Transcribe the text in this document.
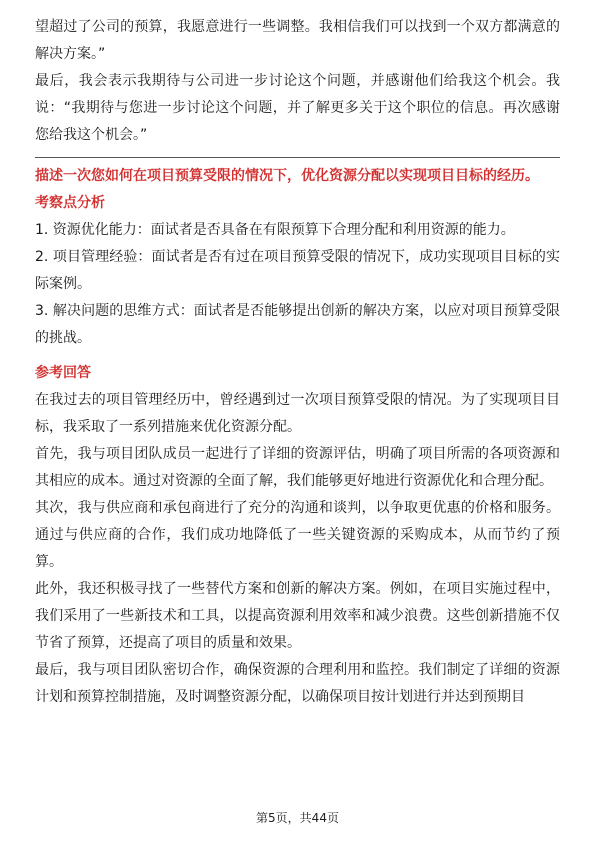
望超过了公司的预算，我愿意进行一些调整。我相信我们可以找到一个双方都满意的解决方案。”

最后，我会表示我期待与公司进一步讨论这个问题，并感谢他们给我这个机会。我说：“我期待与您进一步讨论这个问题，并了解更多关于这个职位的信息。再次感谢您给我这个机会。”

描述一次您如何在项目预算受限的情况下，优化资源分配以实现项目目标的经历。
考察点分析

1. 资源优化能力：面试者是否具备在有限预算下合理分配和利用资源的能力。

2. 项目管理经验：面试者是否有过在项目预算受限的情况下，成功实现项目目标的实际案例。

3. 解决问题的思维方式：面试者是否能够提出创新的解决方案，以应对项目预算受限的挑战。

参考回答

在我过去的项目管理经历中，曾经遇到过一次项目预算受限的情况。为了实现项目目标，我采取了一系列措施来优化资源分配。

首先，我与项目团队成员一起进行了详细的资源评估，明确了项目所需的各项资源和其相应的成本。通过对资源的全面了解，我们能够更好地进行资源优化和合理分配。

其次，我与供应商和承包商进行了充分的沟通和谈判，以争取更优惠的价格和服务。通过与供应商的合作，我们成功地降低了一些关键资源的采购成本，从而节约了预算。

此外，我还积极寻找了一些替代方案和创新的解决方案。例如，在项目实施过程中，我们采用了一些新技术和工具，以提高资源利用效率和减少浪费。这些创新措施不仅节省了预算，还提高了项目的质量和效果。

最后，我与项目团队密切合作，确保资源的合理利用和监控。我们制定了详细的资源计划和预算控制措施，及时调整资源分配，以确保项目按计划进行并达到预期目

第5页，共44页
